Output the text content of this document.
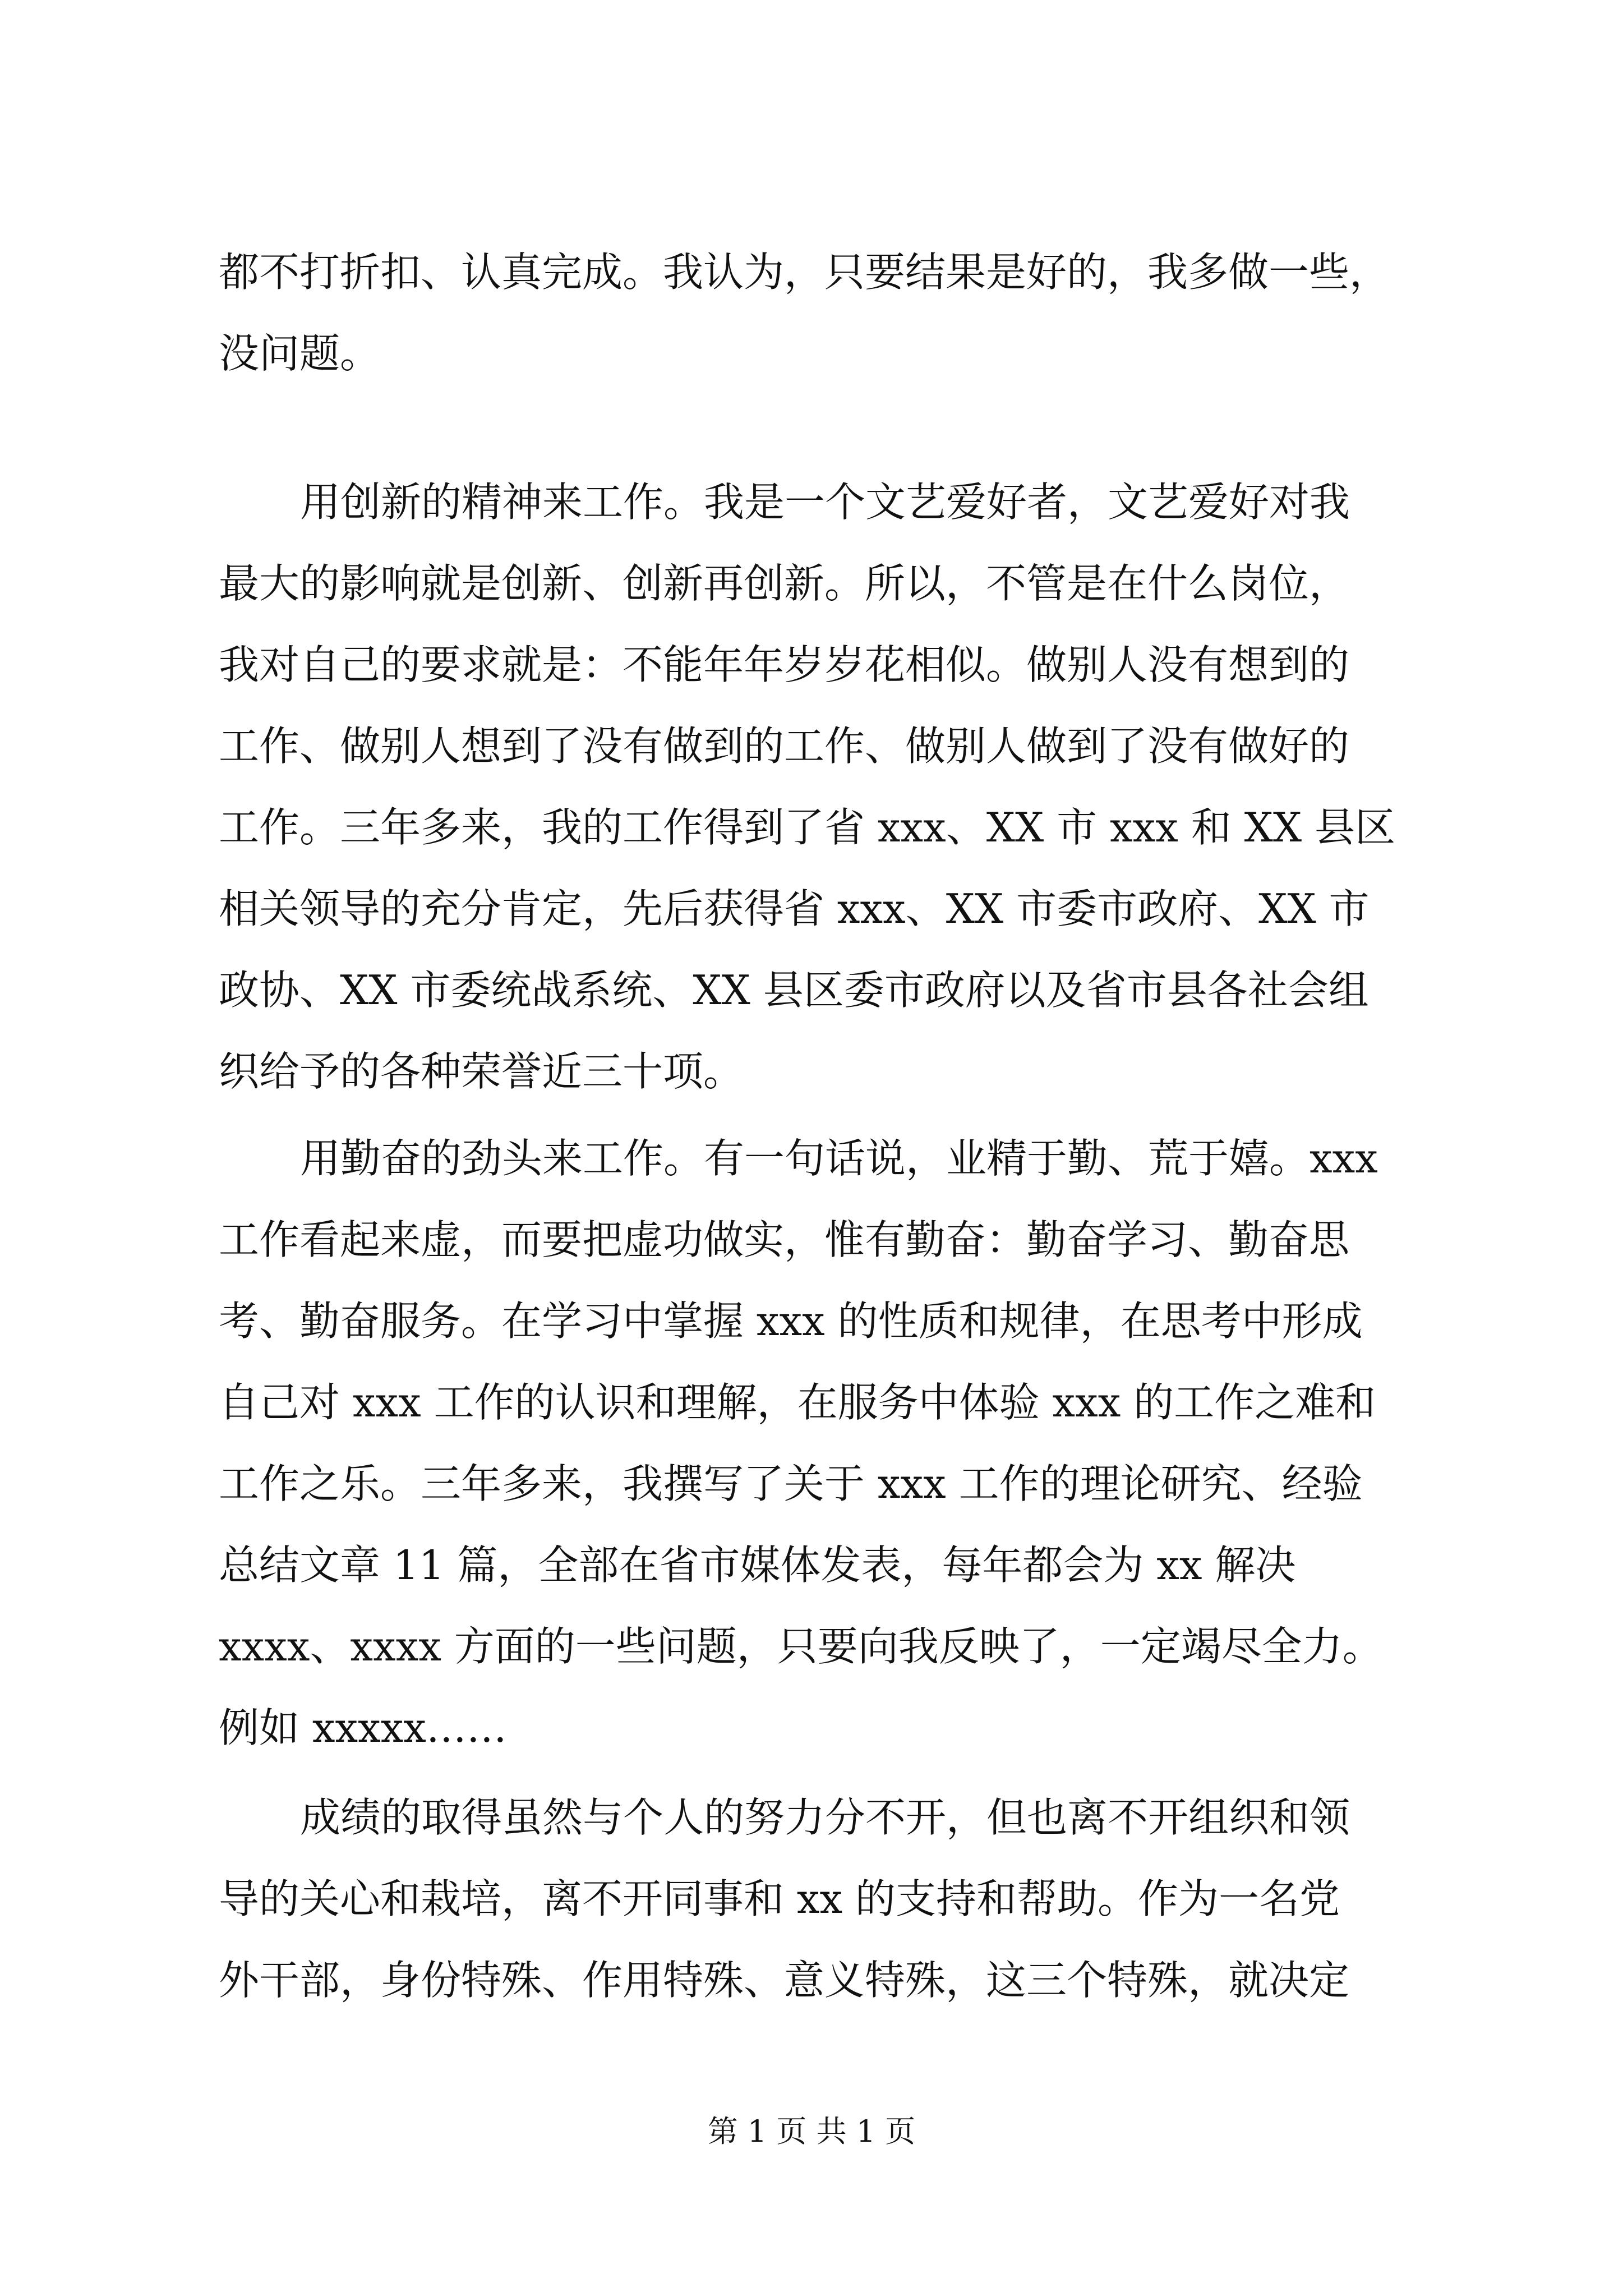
都不打折扣、认真完成。我认为，只要结果是好的，我多做一些，
没问题。
用创新的精神来工作。我是一个文艺爱好者，文艺爱好对我
最大的影响就是创新、创新再创新。所以，不管是在什么岗位，
我对自己的要求就是：不能年年岁岁花相似。做别人没有想到的
工作、做别人想到了没有做到的工作、做别人做到了没有做好的
工作。三年多来，我的工作得到了省 xxx、XX 市 xxx 和 XX 县区
相关领导的充分肯定，先后获得省 xxx、XX 市委市政府、XX 市
政协、XX 市委统战系统、XX 县区委市政府以及省市县各社会组
织给予的各种荣誉近三十项。
用勤奋的劲头来工作。有一句话说，业精于勤、荒于嬉。xxx
工作看起来虚，而要把虚功做实，惟有勤奋：勤奋学习、勤奋思
考、勤奋服务。在学习中掌握 xxx 的性质和规律，在思考中形成
自己对 xxx 工作的认识和理解，在服务中体验 xxx 的工作之难和
工作之乐。三年多来，我撰写了关于 xxx 工作的理论研究、经验
总结文章 11 篇，全部在省市媒体发表，每年都会为 xx 解决
xxxx、xxxx 方面的一些问题，只要向我反映了，一定竭尽全力。
例如 xxxxx……
成绩的取得虽然与个人的努力分不开，但也离不开组织和领
导的关心和栽培，离不开同事和 xx 的支持和帮助。作为一名党
外干部，身份特殊、作用特殊、意义特殊，这三个特殊，就决定
第 1 页 共 1 页
